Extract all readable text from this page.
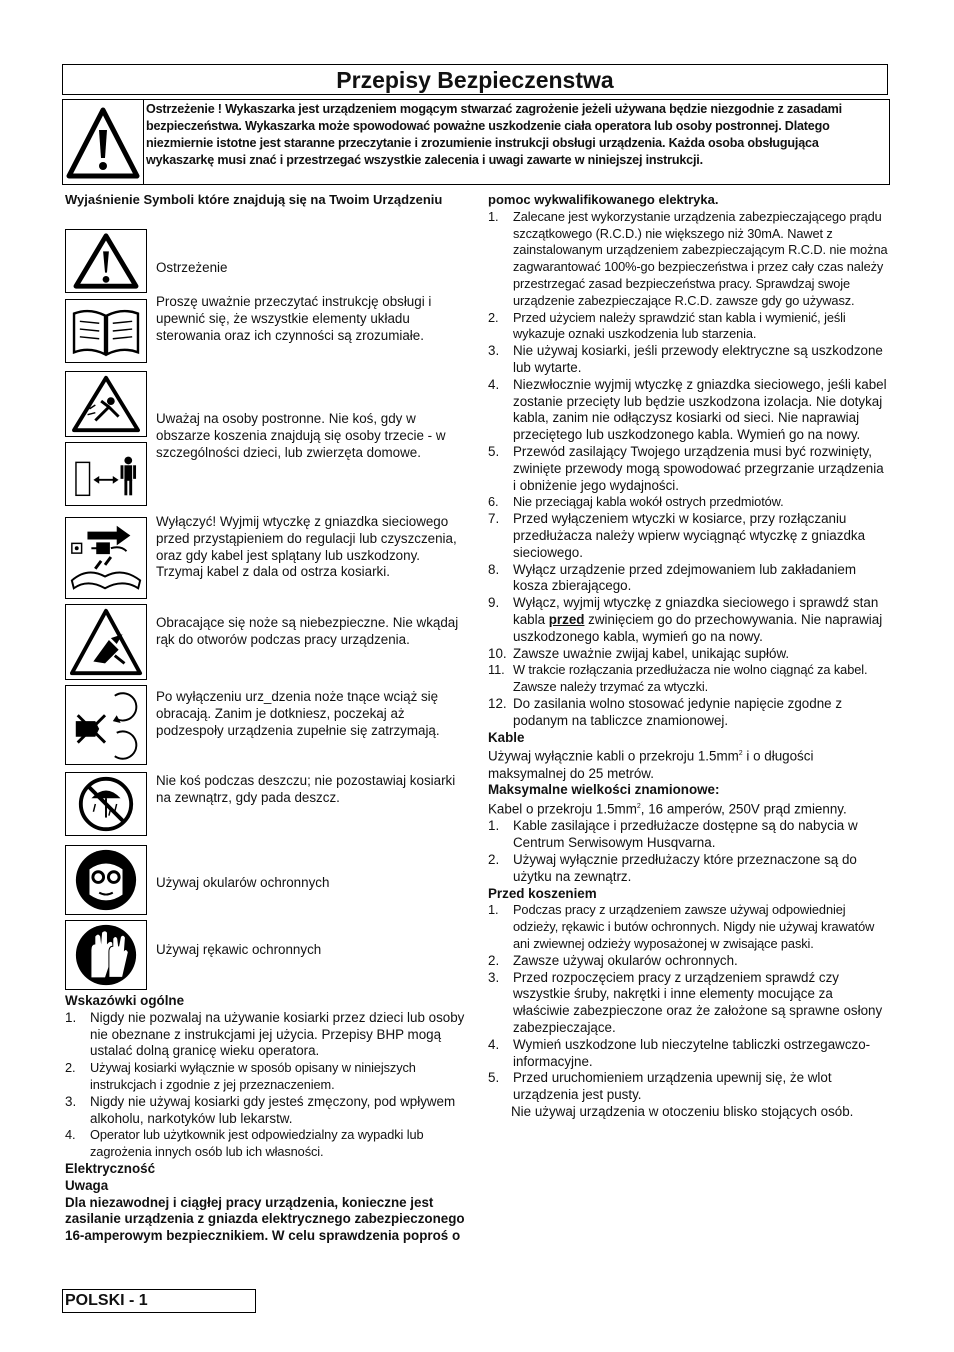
Przepisy Bezpieczenstwa
Ostrzeżenie ! Wykaszarka jest urządzeniem mogącym stwarzać zagrożenie jeżeli używana będzie niezgodnie z zasadami bezpieczeństwa. Wykaszarka może spowodować poważne uszkodzenie ciała operatora lub osoby postronnej. Dlatego niezmiernie istotne jest staranne przeczytanie i zrozumienie instrukcji obsługi urządzenia. Każda osoba obsługująca wykaszarkę musi znać i przestrzegać wszystkie zalecenia i uwagi zawarte w niniejszej instrukcji.
Wyjaśnienie Symboli które znajdują się na Twoim Urządzeniu
Ostrzeżenie
Proszę uważnie przeczytać instrukcję obsługi i upewnić się, że wszystkie elementy układu sterowania oraz ich czynności są zrozumiałe.
Uważaj na osoby postronne. Nie koś, gdy w obszarze koszenia znajdują się osoby trzecie - w szczególności dzieci, lub zwierzęta domowe.
Wyłączyć! Wyjmij wtyczkę z gniazdka sieciowego przed przystąpieniem do regulacji lub czyszczenia, oraz gdy kabel jest splątany lub uszkodzony. Trzymaj kabel z dala od ostrza kosiarki.
Obracające się noże są niebezpieczne. Nie wkądaj rąk do otworów podczas pracy urządzenia.
Po wyłączeniu urz_dzenia noże tnące wciąż się obracają. Zanim je dotkniesz, poczekaj aż podzespoły urządzenia zupełnie się zatrzymają.
Nie koś podczas deszczu; nie pozostawiaj kosiarki na zewnątrz, gdy pada deszcz.
Używaj okularów ochronnych
Używaj rękawic ochronnych
Wskazówki ogólne
1. Nigdy nie pozwalaj na używanie kosiarki przez dzieci lub osoby nie obeznane z instrukcjami jej użycia. Przepisy BHP mogą ustalać dolną granicę wieku operatora.
2. Używaj kosiarki wyłącznie w sposób opisany w niniejszych instrukcjach i zgodnie z jej przeznaczeniem.
3. Nigdy nie używaj kosiarki gdy jesteś zmęczony, pod wpływem alkoholu, narkotyków lub lekarstw.
4. Operator lub użytkownik jest odpowiedzialny za wypadki lub zagrożenia innych osób lub ich własności.
Elektryczność
Uwaga
Dla niezawodnej i ciągłej pracy urządzenia, konieczne jest zasilanie urządzenia z gniazda elektrycznego zabezpieczonego 16-amperowym bezpiecznikiem. W celu sprawdzenia poproś o
pomoc wykwalifikowanego elektryka.
1. Zalecane jest wykorzystanie urządzenia zabezpieczającego prądu szczątkowego (R.C.D.) nie większego niż 30mA. Nawet z zainstalowanym urządzeniem zabezpieczającym R.C.D. nie można zagwarantować 100%-go bezpieczeństwa i przez cały czas należy przestrzegać zasad bezpieczeństwa pracy. Sprawdzaj swoje urządzenie zabezpieczające R.C.D. zawsze gdy go używasz.
2. Przed użyciem należy sprawdzić stan kabla i wymienić, jeśli wykazuje oznaki uszkodzenia lub starzenia.
3. Nie używaj kosiarki, jeśli przewody elektryczne są uszkodzone lub wytarte.
4. Niezwłocznie wyjmij wtyczkę z gniazdka sieciowego, jeśli kabel zostanie przecięty lub będzie uszkodzona izolacja. Nie dotykaj kabla, zanim nie odłączysz kosiarki od sieci. Nie naprawiaj przeciętego lub uszkodzonego kabla. Wymień go na nowy.
5. Przewód zasilający Twojego urządzenia musi być rozwinięty, zwinięte przewody mogą spowodować przegrzanie urządzenia i obniżenie jego wydajności.
6. Nie przeciągaj kabla wokół ostrych przedmiotów.
7. Przed wyłączeniem wtyczki w kosiarce, przy rozłączaniu przedłużacza należy wpierw wyciągnąć wtyczkę z gniazdka sieciowego.
8. Wyłącz urządzenie przed zdejmowaniem lub zakładaniem kosza zbierającego.
9. Wyłącz, wyjmij wtyczkę z gniazdka sieciowego i sprawdź stan kabla przed zwinięciem go do przechowywania. Nie naprawiaj uszkodzonego kabla, wymień go na nowy.
10. Zawsze uważnie zwijaj kabel, unikając supłów.
11. W trakcie rozłączania przedłużacza nie wolno ciągnąć za kabel. Zawsze należy trzymać za wtyczki.
12. Do zasilania wolno stosować jedynie napięcie zgodne z podanym na tabliczce znamionowej.
Kable
Używaj wyłącznie kabli o przekroju $1.5mm^2$ i o długości maksymalnej do 25 metrów.
Maksymalne wielkości znamionowe:
Kabel o przekroju $1.5mm^2$, 16 amperów, 250V prąd zmienny.
1. Kable zasilające i przedłużacze dostępne są do nabycia w Centrum Serwisowym Husqvarna.
2. Używaj wyłącznie przedłużaczy które przeznaczone są do użytku na zewnątrz.
Przed koszeniem
1. Podczas pracy z urządzeniem zawsze używaj odpowiedniej odzieży, rękawic i butów ochronnych. Nigdy nie używaj krawatów ani zwiewnej odzieży wyposażonej w zwisające paski.
2. Zawsze używaj okularów ochronnych.
3. Przed rozpoczęciem pracy z urządzeniem sprawdź czy wszystkie śruby, nakrętki i inne elementy mocujące za właściwie zabezpieczone oraz że założone są sprawne osłony zabezpieczające.
4. Wymień uszkodzone lub nieczytelne tabliczki ostrzegawczo-informacyjne.
5. Przed uruchomieniem urządzenia upewnij się, że wlot urządzenia jest pusty.
Nie używaj urządzenia w otoczeniu blisko stojących osób.
POLSKI - 1
